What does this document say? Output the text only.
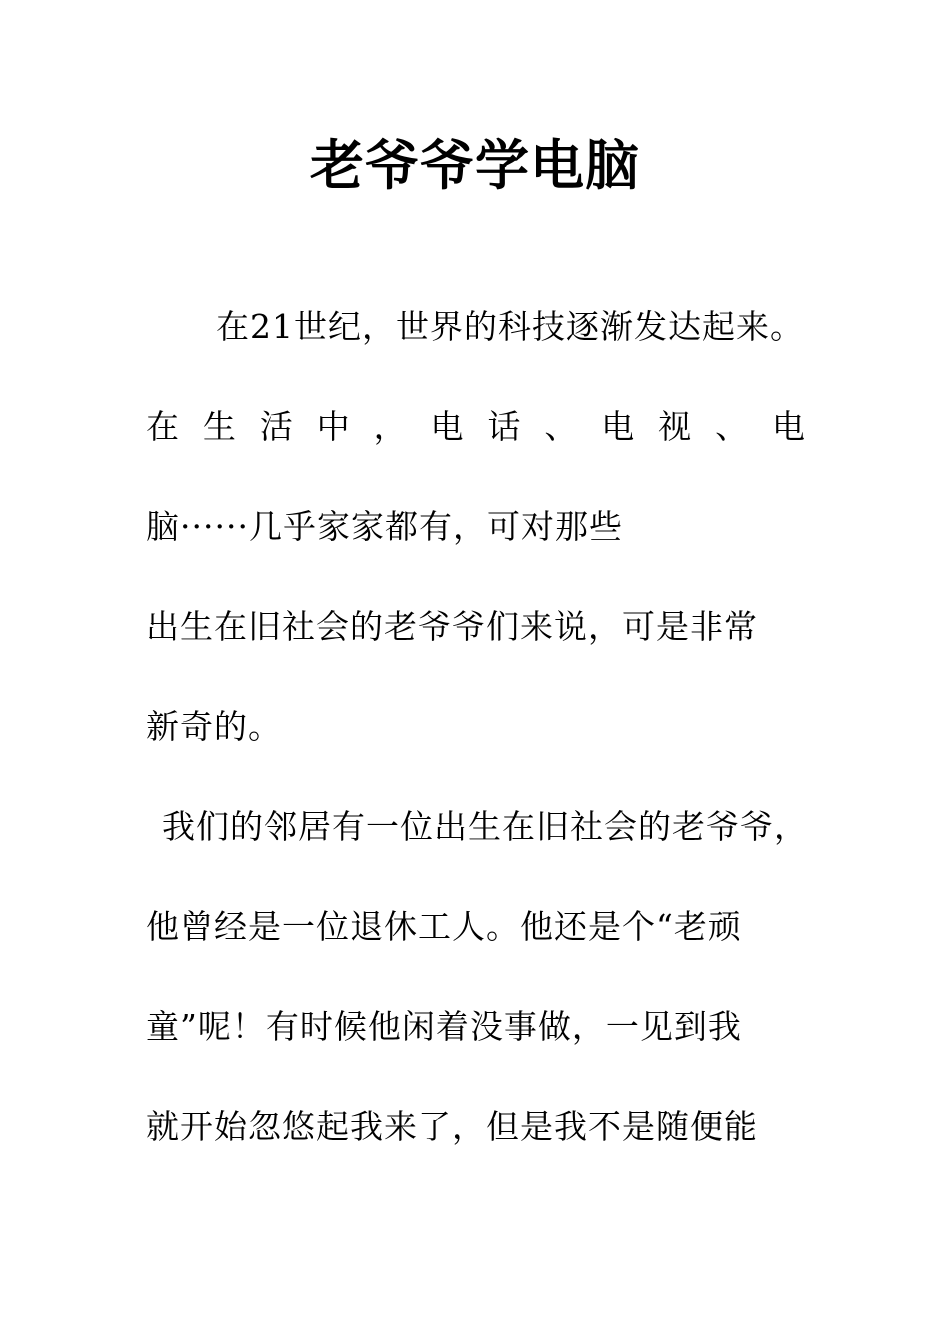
老爷爷学电脑
在21世纪，世界的科技逐渐发达起来。
在生活中，电话、电视、电
脑······几乎家家都有，可对那些
出生在旧社会的老爷爷们来说，可是非常
新奇的。
我们的邻居有一位出生在旧社会的老爷爷，
他曾经是一位退休工人。他还是个“老顽
童”呢！有时候他闲着没事做，一见到我
就开始忽悠起我来了，但是我不是随便能
